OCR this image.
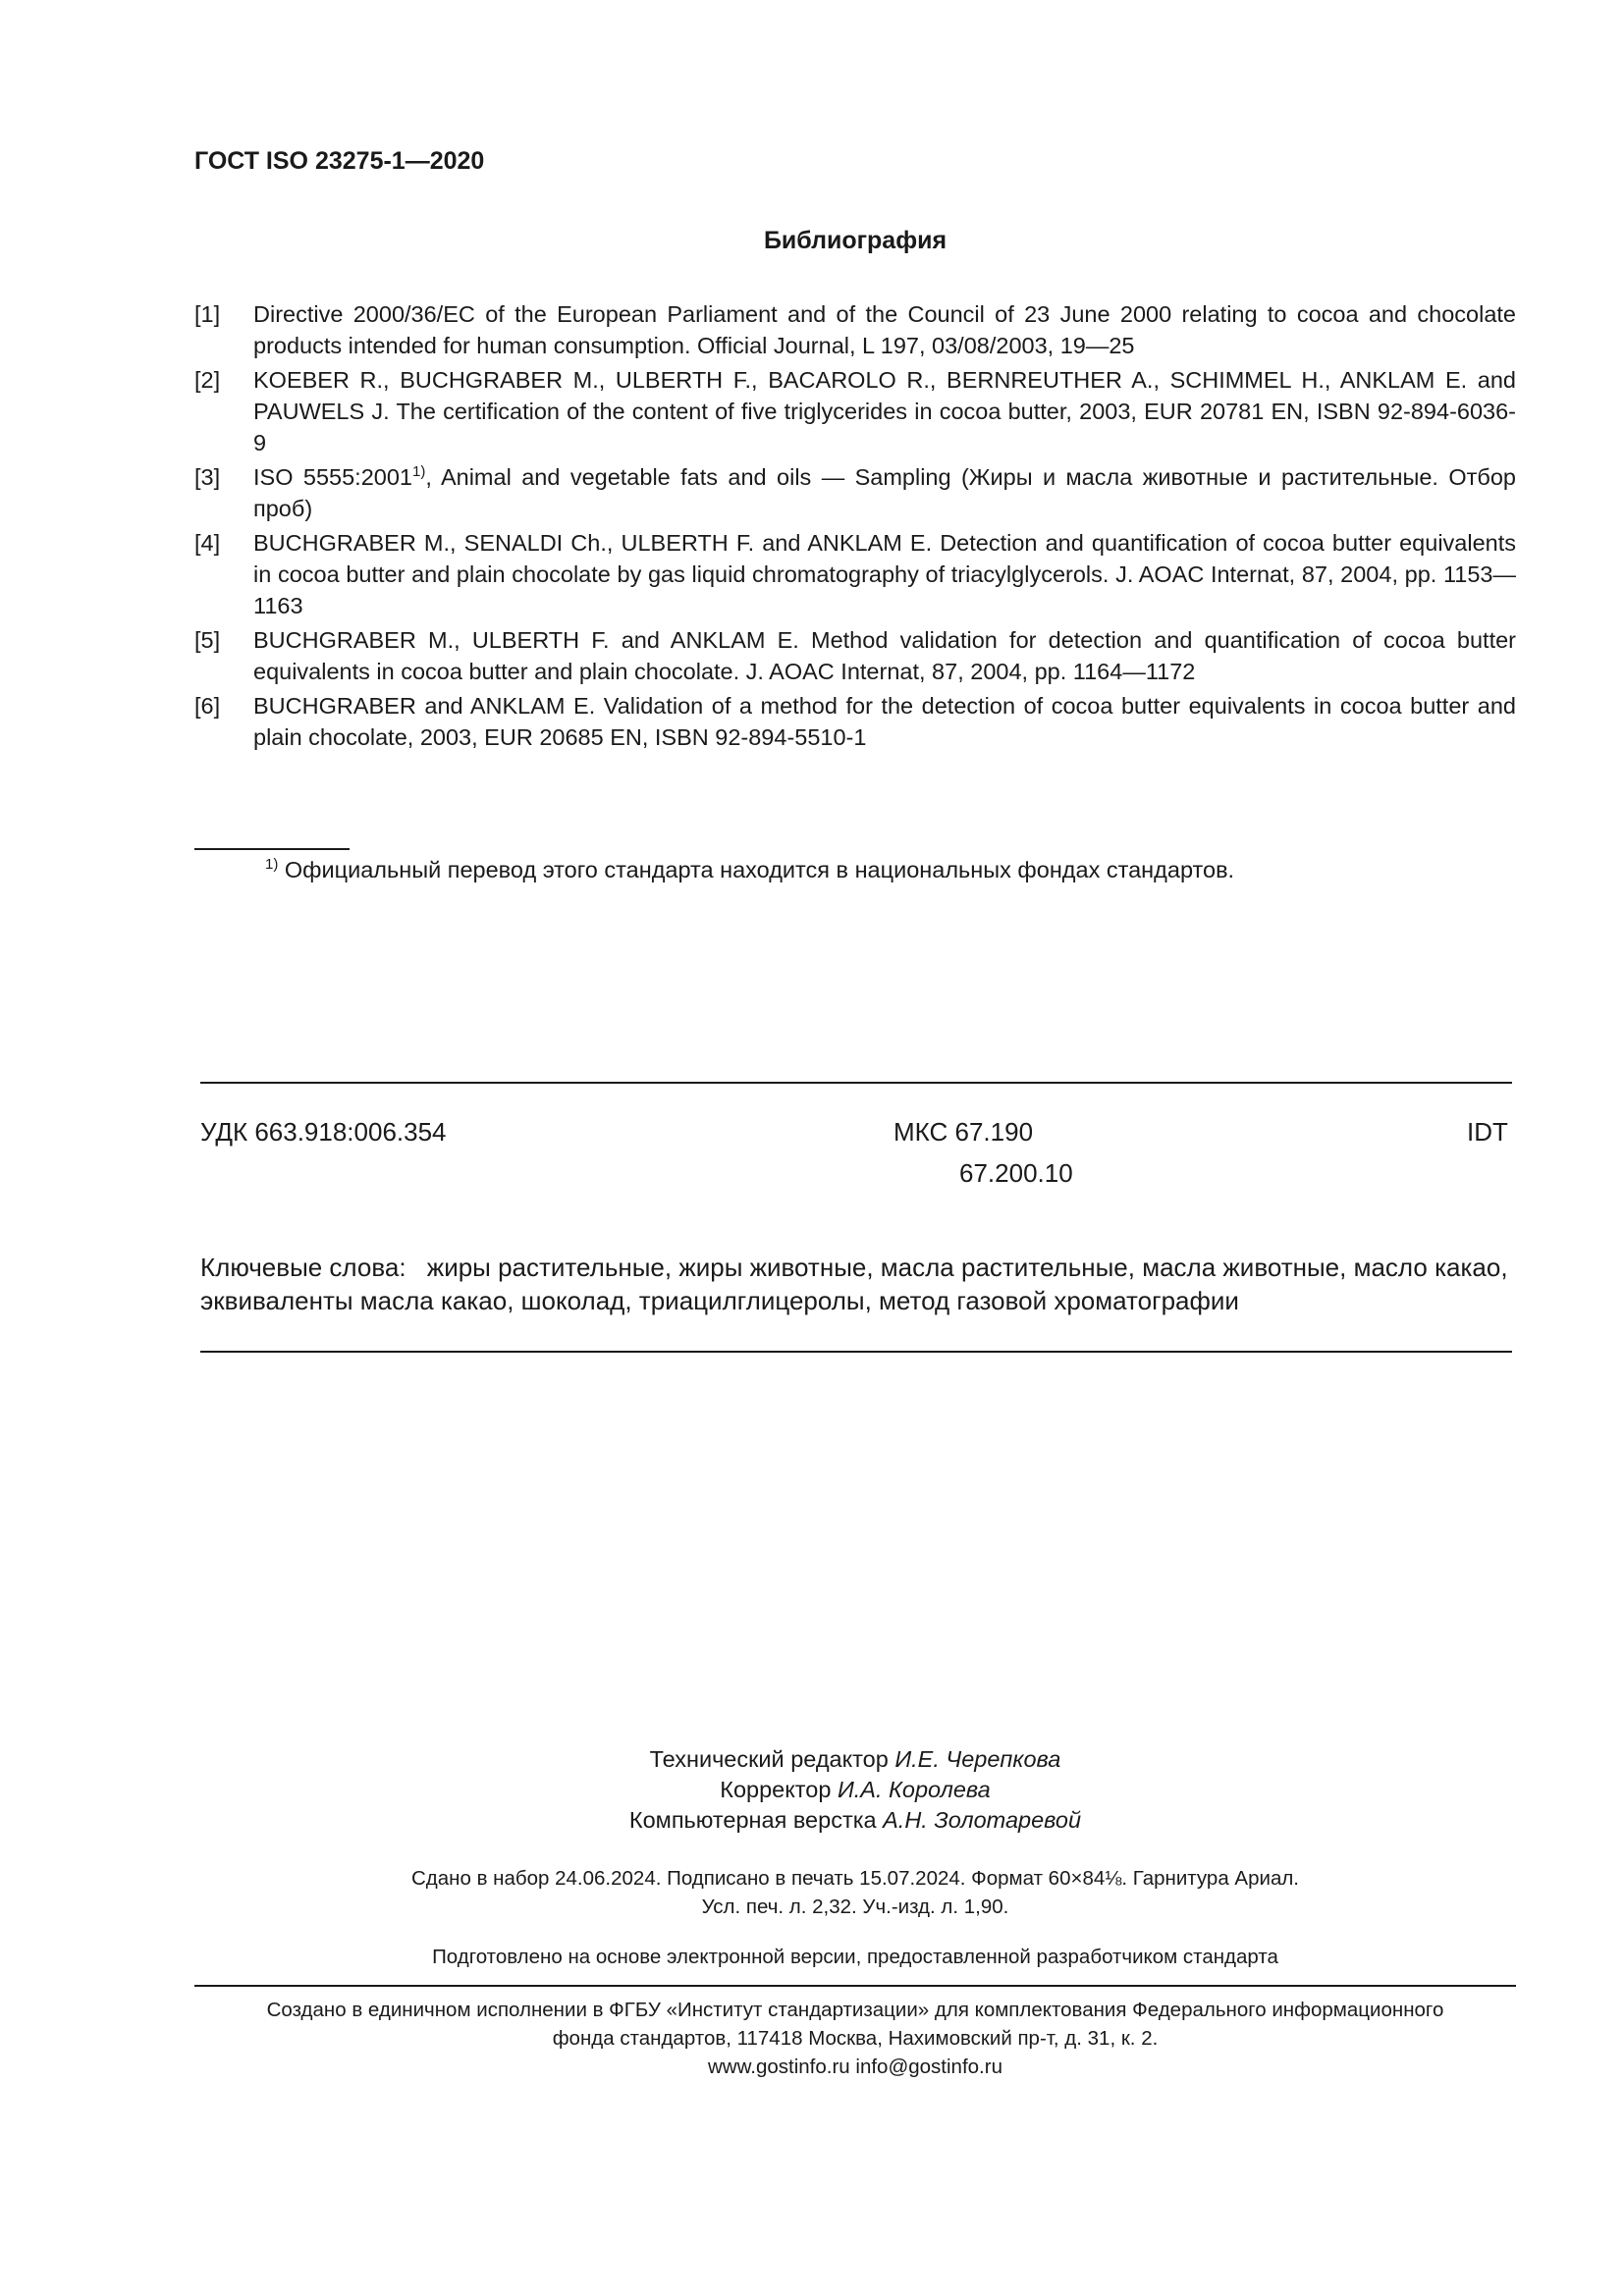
ГОСТ ISO 23275-1—2020
Библиография
[1]	Directive 2000/36/EC of the European Parliament and of the Council of 23 June 2000 relating to cocoa and chocolate products intended for human consumption. Official Journal, L 197, 03/08/2003, 19—25
[2]	KOEBER R., BUCHGRABER M., ULBERTH F., BACAROLO R., BERNREUTHER A., SCHIMMEL H., ANKLAM E. and PAUWELS J. The certification of the content of five triglycerides in cocoa butter, 2003, EUR 20781 EN, ISBN 92-894-6036-9
[3]	ISO 5555:2001$^{1)}$, Animal and vegetable fats and oils — Sampling (Жиры и масла животные и растительные. Отбор проб)
[4]	BUCHGRABER M., SENALDI Ch., ULBERTH F. and ANKLAM E. Detection and quantification of cocoa butter equivalents in cocoa butter and plain chocolate by gas liquid chromatography of triacylglycerols. J. AOAC Internat, 87, 2004, pp. 1153—1163
[5]	BUCHGRABER M., ULBERTH F. and ANKLAM E. Method validation for detection and quantification of cocoa butter equivalents in cocoa butter and plain chocolate. J. AOAC Internat, 87, 2004, pp. 1164—1172
[6]	BUCHGRABER and ANKLAM E. Validation of a method for the detection of cocoa butter equivalents in cocoa butter and plain chocolate, 2003, EUR 20685 EN, ISBN 92-894-5510-1
$^{1)}$ Официальный перевод этого стандарта находится в национальных фондах стандартов.
УДК 663.918:006.354	МКС 67.190
67.200.10
IDT
Ключевые слова: жиры растительные, жиры животные, масла растительные, масла животные, масло какао, эквиваленты масла какао, шоколад, триацилглицеролы, метод газовой хроматографии
Технический редактор И.Е. Черепкова
Корректор И.А. Королева
Компьютерная верстка А.Н. Золотаревой
Сдано в набор 24.06.2024. Подписано в печать 15.07.2024. Формат 60×84⅛. Гарнитура Ариал.
Усл. печ. л. 2,32. Уч.-изд. л. 1,90.
Подготовлено на основе электронной версии, предоставленной разработчиком стандарта
Создано в единичном исполнении в ФГБУ «Институт стандартизации» для комплектования Федерального информационного
фонда стандартов, 117418 Москва, Нахимовский пр-т, д. 31, к. 2.
www.gostinfo.ru info@gostinfo.ru
